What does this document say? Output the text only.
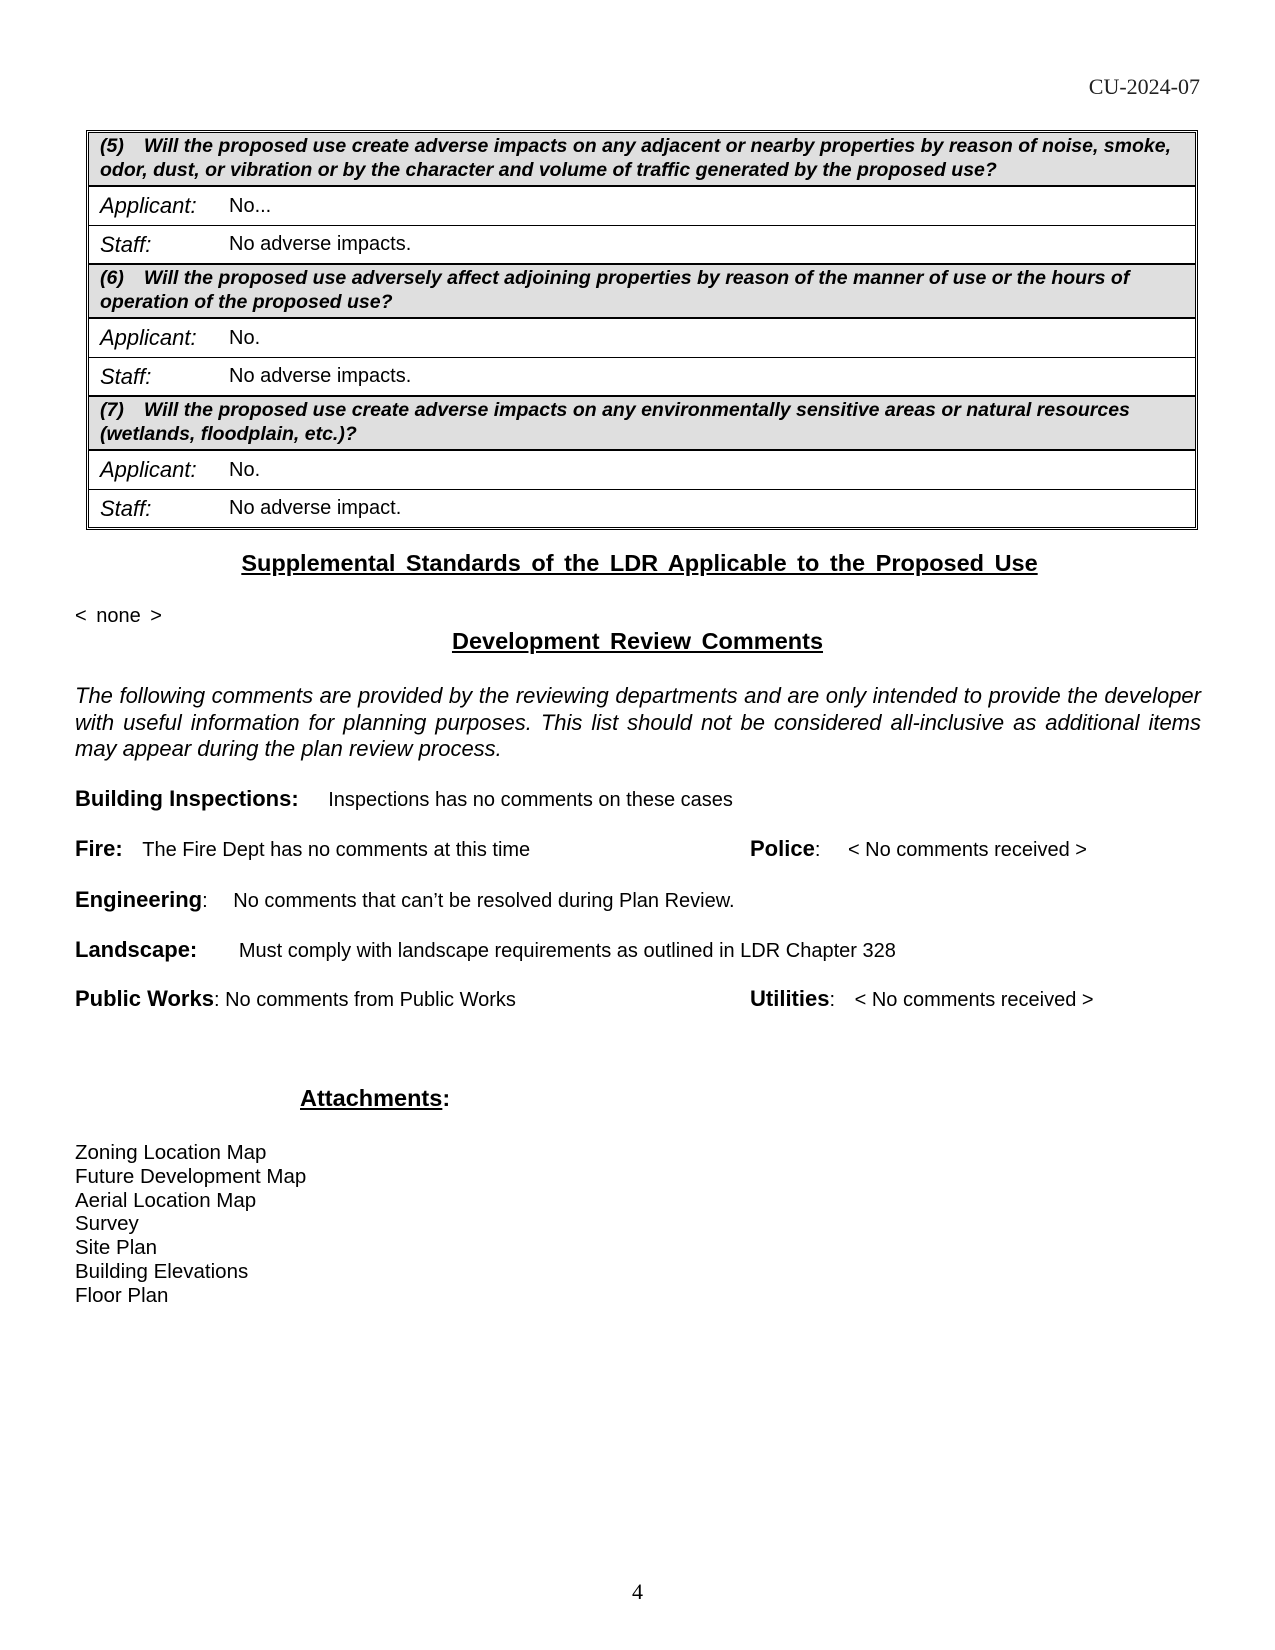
CU-2024-07
(5) Will the proposed use create adverse impacts on any adjacent or nearby properties by reason of noise, smoke, odor, dust, or vibration or by the character and volume of traffic generated by the proposed use?
Applicant:	No...
Staff:	No adverse impacts.
(6) Will the proposed use adversely affect adjoining properties by reason of the manner of use or the hours of operation of the proposed use?
Applicant:	No.
Staff:	No adverse impacts.
(7) Will the proposed use create adverse impacts on any environmentally sensitive areas or natural resources (wetlands, floodplain, etc.)?
Applicant:	No.
Staff:	No adverse impact.
Supplemental Standards of the LDR Applicable to the Proposed Use
< none >
Development Review Comments
The following comments are provided by the reviewing departments and are only intended to provide the developer with useful information for planning purposes. This list should not be considered all-inclusive as additional items may appear during the plan review process.
Building Inspections: Inspections has no comments on these cases
Fire: The Fire Dept has no comments at this time	Police: < No comments received >
Engineering: No comments that can’t be resolved during Plan Review.
Landscape: Must comply with landscape requirements as outlined in LDR Chapter 328
Public Works: No comments from Public Works	Utilities: < No comments received >
Attachments:
Zoning Location Map
Future Development Map
Aerial Location Map
Survey
Site Plan
Building Elevations
Floor Plan
4
